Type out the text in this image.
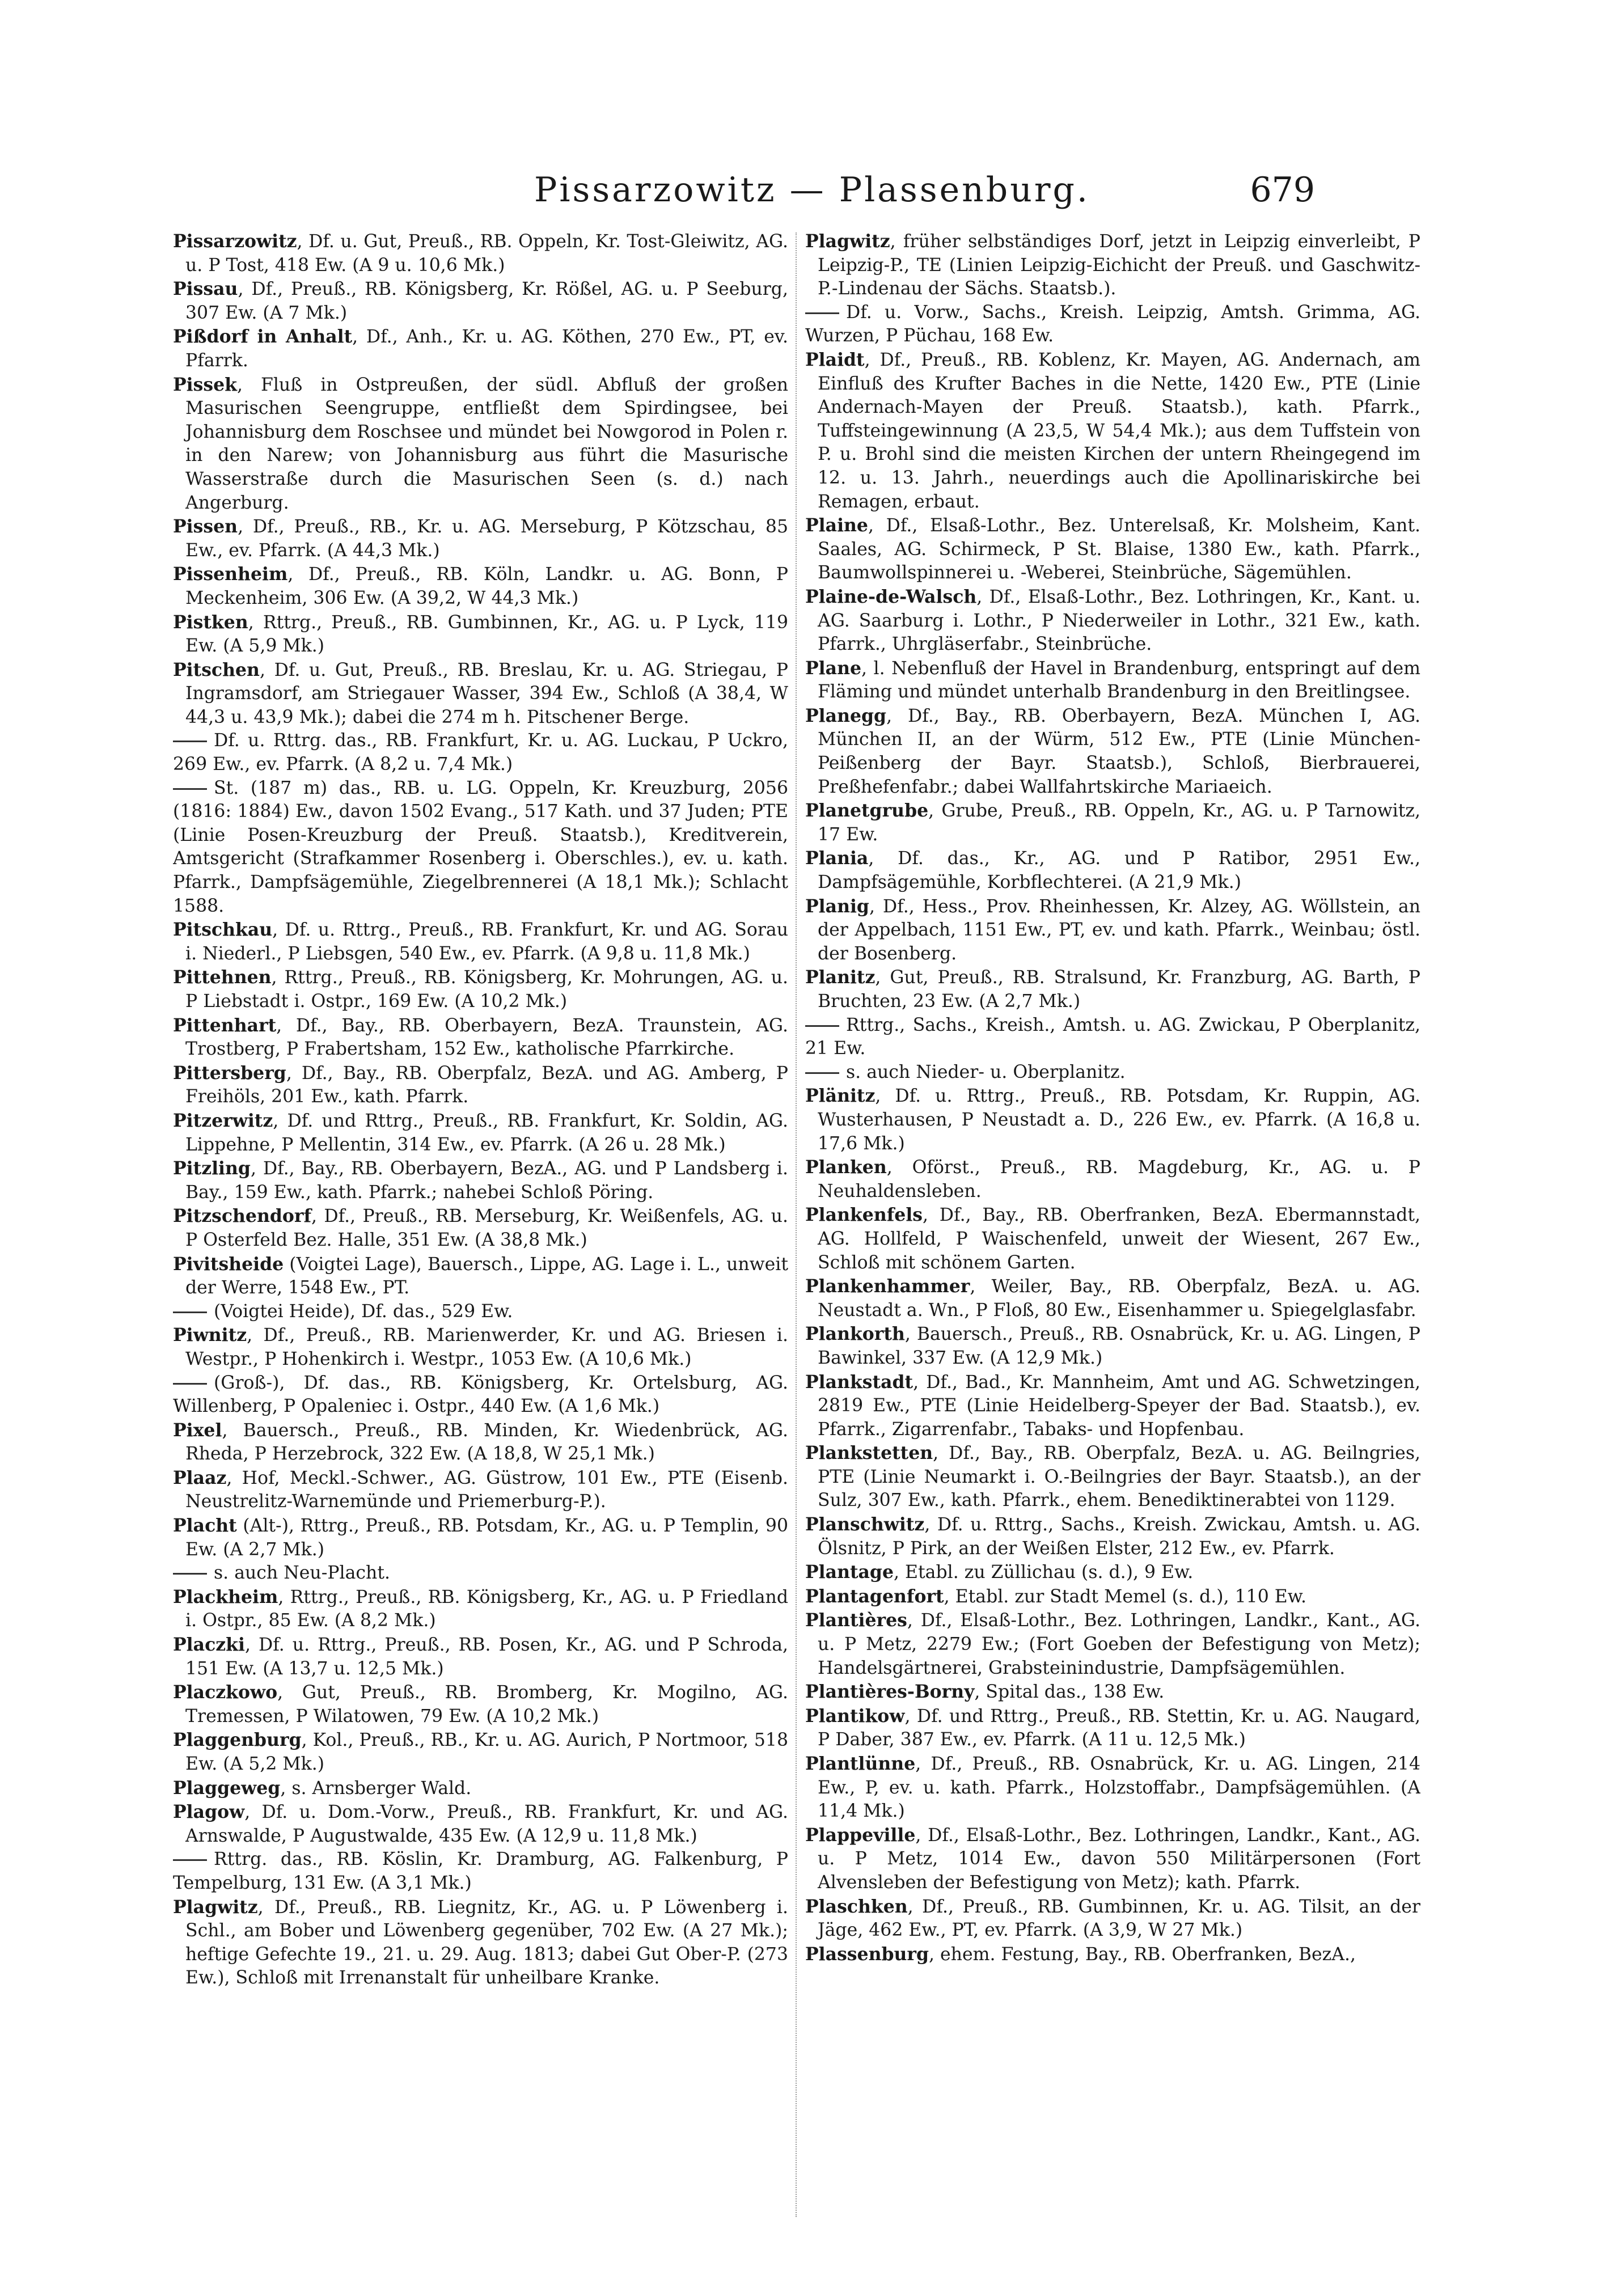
Pissarzowitz — Plassenburg.	679

Pissarzowitz, Df. u. Gut, Preuß., RB. Oppeln, Kr. Tost-Gleiwitz, AG. u. P Tost, 418 Ew. (A 9 u. 10,6 Mk.)

Pissau, Df., Preuß., RB. Königsberg, Kr. Rößel, AG. u. P Seeburg, 307 Ew. (A 7 Mk.)

Pißdorf in Anhalt, Df., Anh., Kr. u. AG. Köthen, 270 Ew., PT, ev. Pfarrk.

Pissek, Fluß in Ostpreußen, der südl. Abfluß der großen Masurischen Seengruppe, entfließt dem Spirdingsee, bei Johannisburg dem Roschsee und mündet bei Nowgorod in Polen r. in den Narew; von Johannisburg aus führt die Masurische Wasserstraße durch die Masurischen Seen (s. d.) nach Angerburg.

Pissen, Df., Preuß., RB., Kr. u. AG. Merseburg, P Kötzschau, 85 Ew., ev. Pfarrk. (A 44,3 Mk.)

Pissenheim, Df., Preuß., RB. Köln, Landkr. u. AG. Bonn, P Meckenheim, 306 Ew. (A 39,2, W 44,3 Mk.)

Pistken, Rttrg., Preuß., RB. Gumbinnen, Kr., AG. u. P Lyck, 119 Ew. (A 5,9 Mk.)

Pitschen, Df. u. Gut, Preuß., RB. Breslau, Kr. u. AG. Striegau, P Ingramsdorf, am Striegauer Wasser, 394 Ew., Schloß (A 38,4, W 44,3 u. 43,9 Mk.); dabei die 274 m h. Pitschener Berge.

Df. u. Rttrg. das., RB. Frankfurt, Kr. u. AG. Luckau, P Uckro, 269 Ew., ev. Pfarrk. (A 8,2 u. 7,4 Mk.)

St. (187 m) das., RB. u. LG. Oppeln, Kr. Kreuzburg, 2056 (1816: 1884) Ew., davon 1502 Evang., 517 Kath. und 37 Juden; PTE (Linie Posen-Kreuzburg der Preuß. Staatsb.), Kreditverein, Amtsgericht (Strafkammer Rosenberg i. Oberschles.), ev. u. kath. Pfarrk., Dampfsägemühle, Ziegelbrennerei (A 18,1 Mk.); Schlacht 1588.

Pitschkau, Df. u. Rttrg., Preuß., RB. Frankfurt, Kr. und AG. Sorau i. Niederl., P Liebsgen, 540 Ew., ev. Pfarrk. (A 9,8 u. 11,8 Mk.)

Pittehnen, Rttrg., Preuß., RB. Königsberg, Kr. Mohrungen, AG. u. P Liebstadt i. Ostpr., 169 Ew. (A 10,2 Mk.)

Pittenhart, Df., Bay., RB. Oberbayern, BezA. Traunstein, AG. Trostberg, P Frabertsham, 152 Ew., katholische Pfarrkirche.

Pittersberg, Df., Bay., RB. Oberpfalz, BezA. und AG. Amberg, P Freihöls, 201 Ew., kath. Pfarrk.

Pitzerwitz, Df. und Rttrg., Preuß., RB. Frankfurt, Kr. Soldin, AG. Lippehne, P Mellentin, 314 Ew., ev. Pfarrk. (A 26 u. 28 Mk.)

Pitzling, Df., Bay., RB. Oberbayern, BezA., AG. und P Landsberg i. Bay., 159 Ew., kath. Pfarrk.; nahebei Schloß Pöring.

Pitzschendorf, Df., Preuß., RB. Merseburg, Kr. Weißenfels, AG. u. P Osterfeld Bez. Halle, 351 Ew. (A 38,8 Mk.)

Pivitsheide (Voigtei Lage), Bauersch., Lippe, AG. Lage i. L., unweit der Werre, 1548 Ew., PT.

(Voigtei Heide), Df. das., 529 Ew.

Piwnitz, Df., Preuß., RB. Marienwerder, Kr. und AG. Briesen i. Westpr., P Hohenkirch i. Westpr., 1053 Ew. (A 10,6 Mk.)

(Groß-), Df. das., RB. Königsberg, Kr. Ortelsburg, AG. Willenberg, P Opaleniec i. Ostpr., 440 Ew. (A 1,6 Mk.)

Pixel, Bauersch., Preuß., RB. Minden, Kr. Wiedenbrück, AG. Rheda, P Herzebrock, 322 Ew. (A 18,8, W 25,1 Mk.)

Plaaz, Hof, Meckl.-Schwer., AG. Güstrow, 101 Ew., PTE (Eisenb. Neustrelitz-Warnemünde und Priemerburg-P.).

Placht (Alt-), Rttrg., Preuß., RB. Potsdam, Kr., AG. u. P Templin, 90 Ew. (A 2,7 Mk.)

s. auch Neu-Placht.

Plackheim, Rttrg., Preuß., RB. Königsberg, Kr., AG. u. P Friedland i. Ostpr., 85 Ew. (A 8,2 Mk.)

Placzki, Df. u. Rttrg., Preuß., RB. Posen, Kr., AG. und P Schroda, 151 Ew. (A 13,7 u. 12,5 Mk.)

Placzkowo, Gut, Preuß., RB. Bromberg, Kr. Mogilno, AG. Tremessen, P Wilatowen, 79 Ew. (A 10,2 Mk.)

Plaggenburg, Kol., Preuß., RB., Kr. u. AG. Aurich, P Nortmoor, 518 Ew. (A 5,2 Mk.)

Plaggeweg, s. Arnsberger Wald.

Plagow, Df. u. Dom.-Vorw., Preuß., RB. Frankfurt, Kr. und AG. Arnswalde, P Augustwalde, 435 Ew. (A 12,9 u. 11,8 Mk.)

Rttrg. das., RB. Köslin, Kr. Dramburg, AG. Falkenburg, P Tempelburg, 131 Ew. (A 3,1 Mk.)

Plagwitz, Df., Preuß., RB. Liegnitz, Kr., AG. u. P Löwenberg i. Schl., am Bober und Löwenberg gegenüber, 702 Ew. (A 27 Mk.); heftige Gefechte 19., 21. u. 29. Aug. 1813; dabei Gut Ober-P. (273 Ew.), Schloß mit Irrenanstalt für unheilbare Kranke.

Plagwitz, früher selbständiges Dorf, jetzt in Leipzig einverleibt, P Leipzig-P., TE (Linien Leipzig-Eichicht der Preuß. und Gaschwitz-P.-Lindenau der Sächs. Staatsb.).

Df. u. Vorw., Sachs., Kreish. Leipzig, Amtsh. Grimma, AG. Wurzen, P Püchau, 168 Ew.

Plaidt, Df., Preuß., RB. Koblenz, Kr. Mayen, AG. Andernach, am Einfluß des Krufter Baches in die Nette, 1420 Ew., PTE (Linie Andernach-Mayen der Preuß. Staatsb.), kath. Pfarrk., Tuffsteingewinnung (A 23,5, W 54,4 Mk.); aus dem Tuffstein von P. u. Brohl sind die meisten Kirchen der untern Rheingegend im 12. u. 13. Jahrh., neuerdings auch die Apollinariskirche bei Remagen, erbaut.

Plaine, Df., Elsaß-Lothr., Bez. Unterelsaß, Kr. Molsheim, Kant. Saales, AG. Schirmeck, P St. Blaise, 1380 Ew., kath. Pfarrk., Baumwollspinnerei u. -Weberei, Steinbrüche, Sägemühlen.

Plaine-de-Walsch, Df., Elsaß-Lothr., Bez. Lothringen, Kr., Kant. u. AG. Saarburg i. Lothr., P Niederweiler in Lothr., 321 Ew., kath. Pfarrk., Uhrgläserfabr., Steinbrüche.

Plane, l. Nebenfluß der Havel in Brandenburg, entspringt auf dem Fläming und mündet unterhalb Brandenburg in den Breitlingsee.

Planegg, Df., Bay., RB. Oberbayern, BezA. München I, AG. München II, an der Würm, 512 Ew., PTE (Linie München-Peißenberg der Bayr. Staatsb.), Schloß, Bierbrauerei, Preßhefenfabr.; dabei Wallfahrtskirche Mariaeich.

Planetgrube, Grube, Preuß., RB. Oppeln, Kr., AG. u. P Tarnowitz, 17 Ew.

Plania, Df. das., Kr., AG. und P Ratibor, 2951 Ew., Dampfsägemühle, Korbflechterei. (A 21,9 Mk.)

Planig, Df., Hess., Prov. Rheinhessen, Kr. Alzey, AG. Wöllstein, an der Appelbach, 1151 Ew., PT, ev. und kath. Pfarrk., Weinbau; östl. der Bosenberg.

Planitz, Gut, Preuß., RB. Stralsund, Kr. Franzburg, AG. Barth, P Bruchten, 23 Ew. (A 2,7 Mk.)

Rttrg., Sachs., Kreish., Amtsh. u. AG. Zwickau, P Oberplanitz, 21 Ew.

s. auch Nieder- u. Oberplanitz.

Plänitz, Df. u. Rttrg., Preuß., RB. Potsdam, Kr. Ruppin, AG. Wusterhausen, P Neustadt a. D., 226 Ew., ev. Pfarrk. (A 16,8 u. 17,6 Mk.)

Planken, Oförst., Preuß., RB. Magdeburg, Kr., AG. u. P Neuhaldensleben.

Plankenfels, Df., Bay., RB. Oberfranken, BezA. Ebermannstadt, AG. Hollfeld, P Waischenfeld, unweit der Wiesent, 267 Ew., Schloß mit schönem Garten.

Plankenhammer, Weiler, Bay., RB. Oberpfalz, BezA. u. AG. Neustadt a. Wn., P Floß, 80 Ew., Eisenhammer u. Spiegelglasfabr.

Plankorth, Bauersch., Preuß., RB. Osnabrück, Kr. u. AG. Lingen, P Bawinkel, 337 Ew. (A 12,9 Mk.)

Plankstadt, Df., Bad., Kr. Mannheim, Amt und AG. Schwetzingen, 2819 Ew., PTE (Linie Heidelberg-Speyer der Bad. Staatsb.), ev. Pfarrk., Zigarrenfabr., Tabaks- und Hopfenbau.

Plankstetten, Df., Bay., RB. Oberpfalz, BezA. u. AG. Beilngries, PTE (Linie Neumarkt i. O.-Beilngries der Bayr. Staatsb.), an der Sulz, 307 Ew., kath. Pfarrk., ehem. Benediktinerabtei von 1129.

Planschwitz, Df. u. Rttrg., Sachs., Kreish. Zwickau, Amtsh. u. AG. Ölsnitz, P Pirk, an der Weißen Elster, 212 Ew., ev. Pfarrk.

Plantage, Etabl. zu Züllichau (s. d.), 9 Ew.

Plantagenfort, Etabl. zur Stadt Memel (s. d.), 110 Ew.

Plantières, Df., Elsaß-Lothr., Bez. Lothringen, Landkr., Kant., AG. u. P Metz, 2279 Ew.; (Fort Goeben der Befestigung von Metz); Handelsgärtnerei, Grabsteinindustrie, Dampfsägemühlen.

Plantières-Borny, Spital das., 138 Ew.

Plantikow, Df. und Rttrg., Preuß., RB. Stettin, Kr. u. AG. Naugard, P Daber, 387 Ew., ev. Pfarrk. (A 11 u. 12,5 Mk.)

Plantlünne, Df., Preuß., RB. Osnabrück, Kr. u. AG. Lingen, 214 Ew., P, ev. u. kath. Pfarrk., Holzstoffabr., Dampfsägemühlen. (A 11,4 Mk.)

Plappeville, Df., Elsaß-Lothr., Bez. Lothringen, Landkr., Kant., AG. u. P Metz, 1014 Ew., davon 550 Militärpersonen (Fort Alvensleben der Befestigung von Metz); kath. Pfarrk.

Plaschken, Df., Preuß., RB. Gumbinnen, Kr. u. AG. Tilsit, an der Jäge, 462 Ew., PT, ev. Pfarrk. (A 3,9, W 27 Mk.)

Plassenburg, ehem. Festung, Bay., RB. Oberfranken, BezA.,
